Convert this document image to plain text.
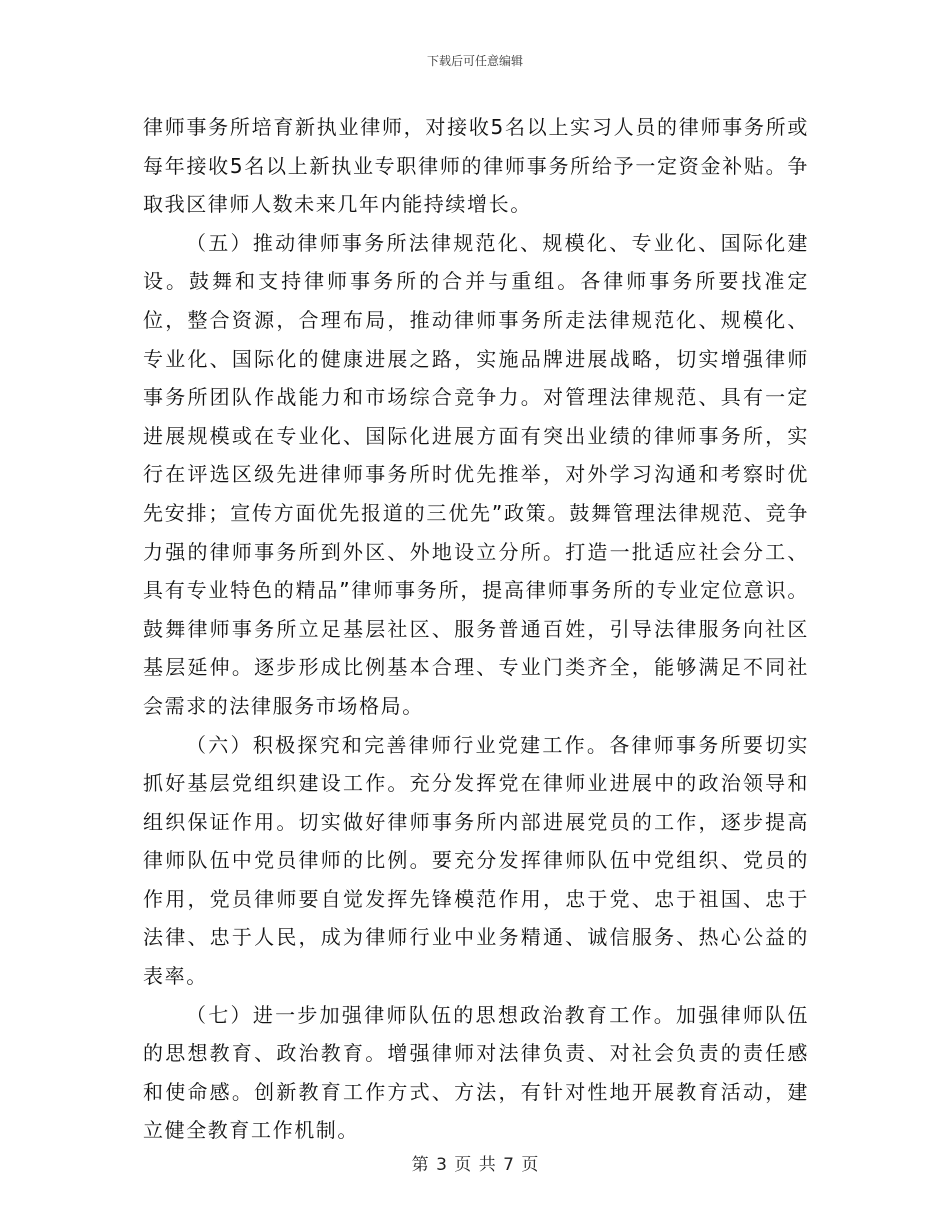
下载后可任意编辑

律师事务所培育新执业律师，对接收5名以上实习人员的律师事务所或每年接收5名以上新执业专职律师的律师事务所给予一定资金补贴。争取我区律师人数未来几年内能持续增长。

（五）推动律师事务所法律规范化、规模化、专业化、国际化建设。鼓舞和支持律师事务所的合并与重组。各律师事务所要找准定位，整合资源，合理布局，推动律师事务所走法律规范化、规模化、专业化、国际化的健康进展之路，实施品牌进展战略，切实增强律师事务所团队作战能力和市场综合竞争力。对管理法律规范、具有一定进展规模或在专业化、国际化进展方面有突出业绩的律师事务所，实行在评选区级先进律师事务所时优先推举，对外学习沟通和考察时优先安排；宣传方面优先报道的三优先”政策。鼓舞管理法律规范、竞争力强的律师事务所到外区、外地设立分所。打造一批适应社会分工、具有专业特色的精品”律师事务所，提高律师事务所的专业定位意识。鼓舞律师事务所立足基层社区、服务普通百姓，引导法律服务向社区基层延伸。逐步形成比例基本合理、专业门类齐全，能够满足不同社会需求的法律服务市场格局。

（六）积极探究和完善律师行业党建工作。各律师事务所要切实抓好基层党组织建设工作。充分发挥党在律师业进展中的政治领导和组织保证作用。切实做好律师事务所内部进展党员的工作，逐步提高律师队伍中党员律师的比例。要充分发挥律师队伍中党组织、党员的作用，党员律师要自觉发挥先锋模范作用，忠于党、忠于祖国、忠于法律、忠于人民，成为律师行业中业务精通、诚信服务、热心公益的表率。

（七）进一步加强律师队伍的思想政治教育工作。加强律师队伍的思想教育、政治教育。增强律师对法律负责、对社会负责的责任感和使命感。创新教育工作方式、方法，有针对性地开展教育活动，建立健全教育工作机制。

第 3 页 共 7 页
